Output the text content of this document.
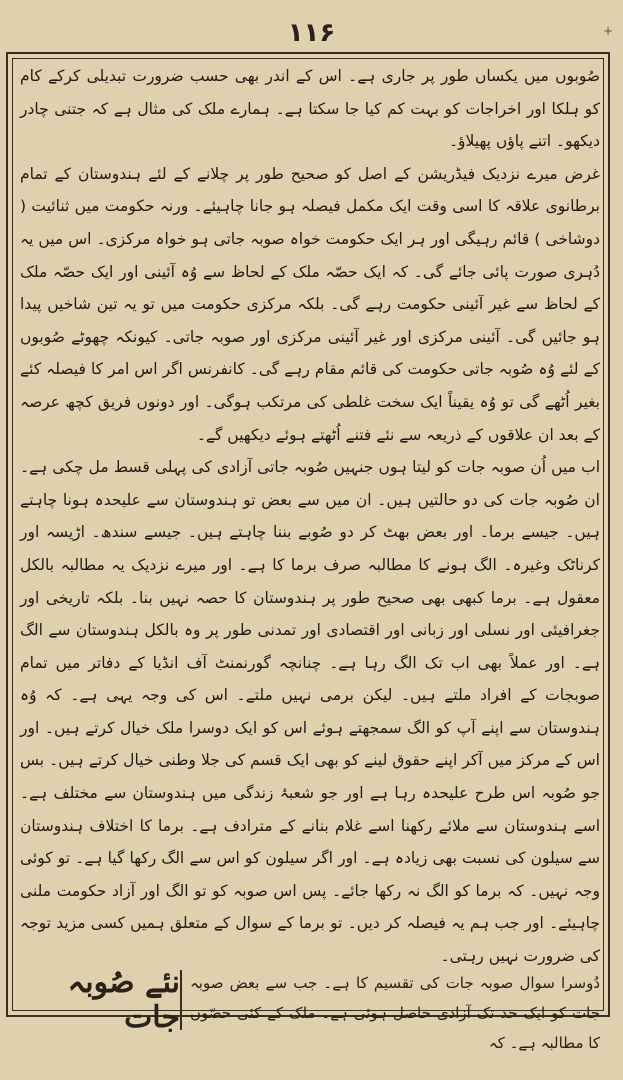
۱۱۶	+

صُوبوں میں یکساں طور پر جاری ہے۔ اس کے اندر بھی حسب ضرورت تبدیلی کرکے کام کو ہلکا اور اخراجات کو بہت کم کیا جا سکتا ہے۔ ہمارے ملک کی مثال ہے کہ جتنی چادر دیکھو۔ اتنے پاؤں پھیلاؤ۔

غرض میرے نزدیک فیڈریشن کے اصل کو صحیح طور پر چلانے کے لئے ہندوستان کے تمام برطانوی علاقہ کا اسی وقت ایک مکمل فیصلہ ہو جانا چاہیئے۔ ورنہ حکومت میں ثنائیت ( دوشاخی ) قائم رہیگی اور ہر ایک حکومت خواہ صوبہ جاتی ہو خواہ مرکزی۔ اس میں یہ دُہری صورت پائی جائے گی۔ کہ ایک حصّہ ملک کے لحاظ سے وُہ آئینی اور ایک حصّہ ملک کے لحاظ سے غیر آئینی حکومت رہے گی۔ بلکہ مرکزی حکومت میں تو یہ تین شاخیں پیدا ہو جائیں گی۔ آئینی مرکزی اور غیر آئینی مرکزی اور صوبہ جاتی۔ کیونکہ چھوٹے صُوبوں کے لئے وُہ صُوبہ جاتی حکومت کی قائم مقام رہے گی۔ کانفرنس اگر اس امر کا فیصلہ کئے بغیر اُٹھے گی تو وُہ یقیناً ایک سخت غلطی کی مرتکب ہوگی۔ اور دونوں فریق کچھ عرصہ کے بعد ان علاقوں کے ذریعہ سے نئے فتنے اُٹھتے ہوئے دیکھیں گے۔

اب میں اُن صوبہ جات کو لیتا ہوں جنہیں صُوبہ جاتی آزادی کی پہلی قسط مل چکی ہے۔ ان صُوبہ جات کی دو حالتیں ہیں۔ ان میں سے بعض تو ہندوستان سے علیحدہ ہونا چاہتے ہیں۔ جیسے برما۔ اور بعض بھٹ کر دو صُوبے بننا چاہتے ہیں۔ جیسے سندھ۔ اڑیسہ اور کرناٹک وغیرہ۔ الگ ہونے کا مطالبہ صرف برما کا ہے۔ اور میرے نزدیک یہ مطالبہ بالکل معقول ہے۔ برما کبھی بھی صحیح طور پر ہندوستان کا حصہ نہیں بنا۔ بلکہ تاریخی اور جغرافیئی اور نسلی اور زبانی اور اقتصادی اور تمدنی طور پر وہ بالکل ہندوستان سے الگ ہے۔ اور عملاً بھی اب تک الگ رہا ہے۔ چنانچہ گورنمنٹ آف انڈیا کے دفاتر میں تمام صوبجات کے افراد ملتے ہیں۔ لیکن برمی نہیں ملتے۔ اس کی وجہ یہی ہے۔ کہ وُہ ہندوستان سے اپنے آپ کو الگ سمجھتے ہوئے اس کو ایک دوسرا ملک خیال کرتے ہیں۔ اور اس کے مرکز میں آکر اپنے حقوق لینے کو بھی ایک قسم کی جلا وطنی خیال کرتے ہیں۔ بس جو صُوبہ اس طرح علیحدہ رہا ہے اور جو شعبۂ زندگی میں ہندوستان سے مختلف ہے۔ اسے ہندوستان سے ملائے رکھنا اسے غلام بنانے کے مترادف ہے۔ برما کا اختلاف ہندوستان سے سیلون کی نسبت بھی زیادہ ہے۔ اور اگر سیلون کو اس سے الگ رکھا گیا ہے۔ تو کوئی وجہ نہیں۔ کہ برما کو الگ نہ رکھا جائے۔ پس اس صوبہ کو تو الگ اور آزاد حکومت ملنی چاہیئے۔ اور جب ہم یہ فیصلہ کر دیں۔ تو برما کے سوال کے متعلق ہمیں کسی مزید توجہ کی ضرورت نہیں رہتی۔

دُوسرا سوال صوبہ جات کی تقسیم کا ہے۔ جب سے بعض صوبہ جات کو ایک حد تک آزادی حاصل ہوئی ہے۔ ملک کے کئی حصّوں کا مطالبہ ہے۔ کہ
نئے صُوبہ جات
